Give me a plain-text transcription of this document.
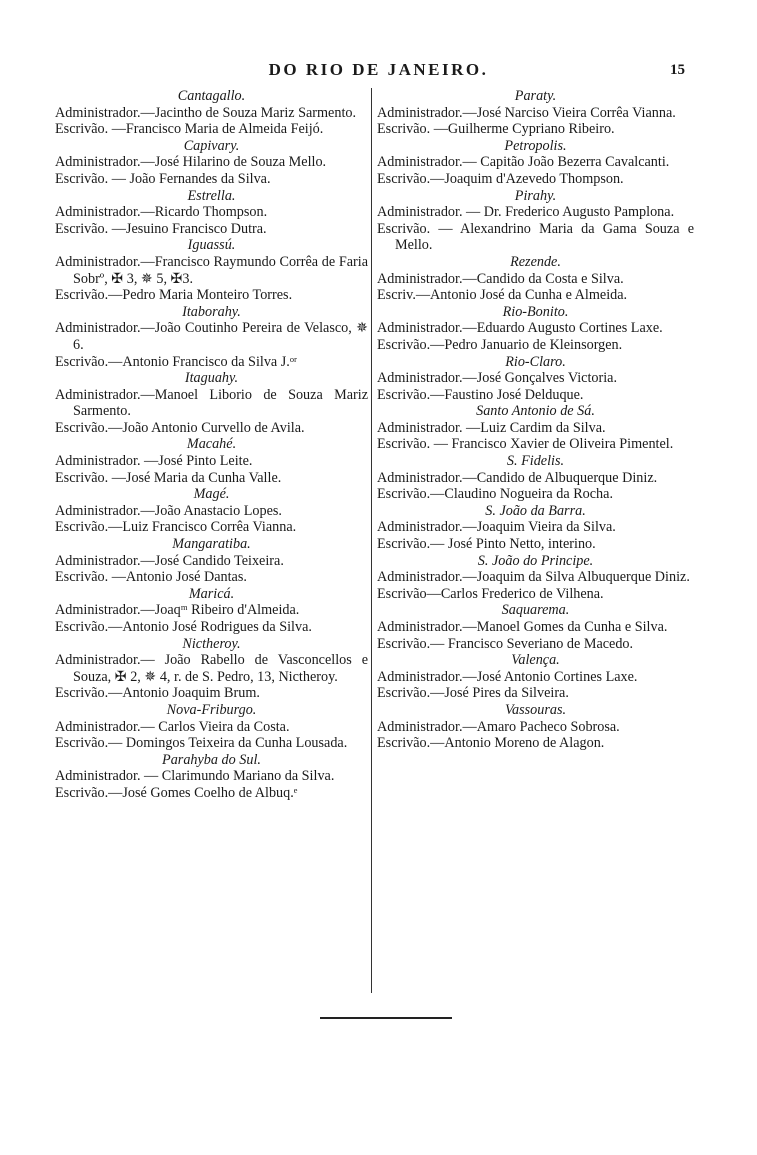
DO RIO DE JANEIRO.	15
Cantagallo.
Administrador.—Jacintho de Souza Mariz Sarmento.
Escrivão. —Francisco Maria de Almeida Feijó.
Capivary.
Administrador.—José Hilarino de Souza Mello.
Escrivão. — João Fernandes da Silva.
Estrella.
Administrador.—Ricardo Thompson.
Escrivão. —Jesuino Francisco Dutra.
Iguassú.
Administrador.—Francisco Raymundo Corrêa de Faria Sobrº, ✠ 3, ✵ 5, ✠3.
Escrivão.—Pedro Maria Monteiro Torres.
Itaborahy.
Administrador.—João Coutinho Pereira de Velasco, ✵ 6.
Escrivão.—Antonio Francisco da Silva J.ᵒʳ
Itaguahy.
Administrador.—Manoel Liborio de Souza Mariz Sarmento.
Escrivão.—João Antonio Curvello de Avila.
Macahé.
Administrador. —José Pinto Leite.
Escrivão. —José Maria da Cunha Valle.
Magé.
Administrador.—João Anastacio Lopes.
Escrivão.—Luiz Francisco Corrêa Vianna.
Mangaratiba.
Administrador.—José Candido Teixeira.
Escrivão. —Antonio José Dantas.
Maricá.
Administrador.—Joaqᵐ Ribeiro d'Almeida.
Escrivão.—Antonio José Rodrigues da Silva.
Nictheroy.
Administrador.— João Rabello de Vasconcellos e Souza, ✠ 2, ✵ 4, r. de S. Pedro, 13, Nictheroy.
Escrivão.—Antonio Joaquim Brum.
Nova-Friburgo.
Administrador.— Carlos Vieira da Costa.
Escrivão.— Domingos Teixeira da Cunha Lousada.
Parahyba do Sul.
Administrador. — Clarimundo Mariano da Silva.
Escrivão.—José Gomes Coelho de Albuq.ᵉ
Paraty.
Administrador.—José Narciso Vieira Corrêa Vianna.
Escrivão. —Guilherme Cypriano Ribeiro.
Petropolis.
Administrador.— Capitão João Bezerra Cavalcanti.
Escrivão.—Joaquim d'Azevedo Thompson.
Pirahy.
Administrador. — Dr. Frederico Augusto Pamplona.
Escrivão. — Alexandrino Maria da Gama Souza e Mello.
Rezende.
Administrador.—Candido da Costa e Silva.
Escriv.—Antonio José da Cunha e Almeida.
Rio-Bonito.
Administrador.—Eduardo Augusto Cortines Laxe.
Escrivão.—Pedro Januario de Kleinsorgen.
Rio-Claro.
Administrador.—José Gonçalves Victoria.
Escrivão.—Faustino José Delduque.
Santo Antonio de Sá.
Administrador. —Luiz Cardim da Silva.
Escrivão. — Francisco Xavier de Oliveira Pimentel.
S. Fidelis.
Administrador.—Candido de Albuquerque Diniz.
Escrivão.—Claudino Nogueira da Rocha.
S. João da Barra.
Administrador.—Joaquim Vieira da Silva.
Escrivão.— José Pinto Netto, interino.
S. João do Principe.
Administrador.—Joaquim da Silva Albuquerque Diniz.
Escrivão—Carlos Frederico de Vilhena.
Saquarema.
Administrador.—Manoel Gomes da Cunha e Silva.
Escrivão.— Francisco Severiano de Macedo.
Valença.
Administrador.—José Antonio Cortines Laxe.
Escrivão.—José Pires da Silveira.
Vassouras.
Administrador.—Amaro Pacheco Sobrosa.
Escrivão.—Antonio Moreno de Alagon.
